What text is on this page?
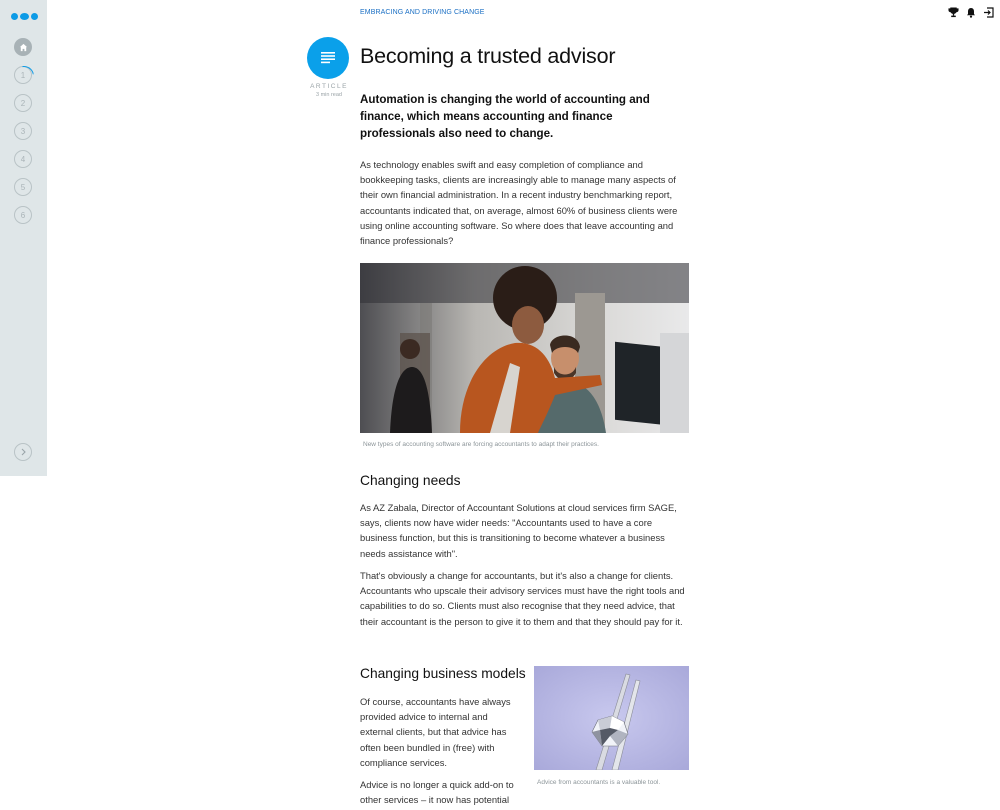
1
2
3
4
5
6
EMBRACING AND DRIVING CHANGE
ARTICLE
3 min read
Becoming a trusted advisor

Automation is changing the world of accounting and finance, which means accounting and finance professionals also need to change.

As technology enables swift and easy completion of compliance and bookkeeping tasks, clients are increasingly able to manage many aspects of their own financial administration. In a recent industry benchmarking report, accountants indicated that, on average, almost 60% of business clients were using online accounting software. So where does that leave accounting and finance professionals?

New types of accounting software are forcing accountants to adapt their practices.
Changing needs

As AZ Zabala, Director of Accountant Solutions at cloud services firm SAGE, says, clients now have wider needs: "Accountants used to have a core business function, but this is transitioning to become whatever a business needs assistance with".

That's obviously a change for accountants, but it's also a change for clients. Accountants who upscale their advisory services must have the right tools and capabilities to do so. Clients must also recognise that they need advice, that their accountant is the person to give it to them and that they should pay for it.

Changing business models

Of course, accountants have always provided advice to internal and external clients, but that advice has often been bundled in (free) with compliance services.

Advice is no longer a quick add-on to other services – it now has potential

Advice from accountants is a valuable tool.
